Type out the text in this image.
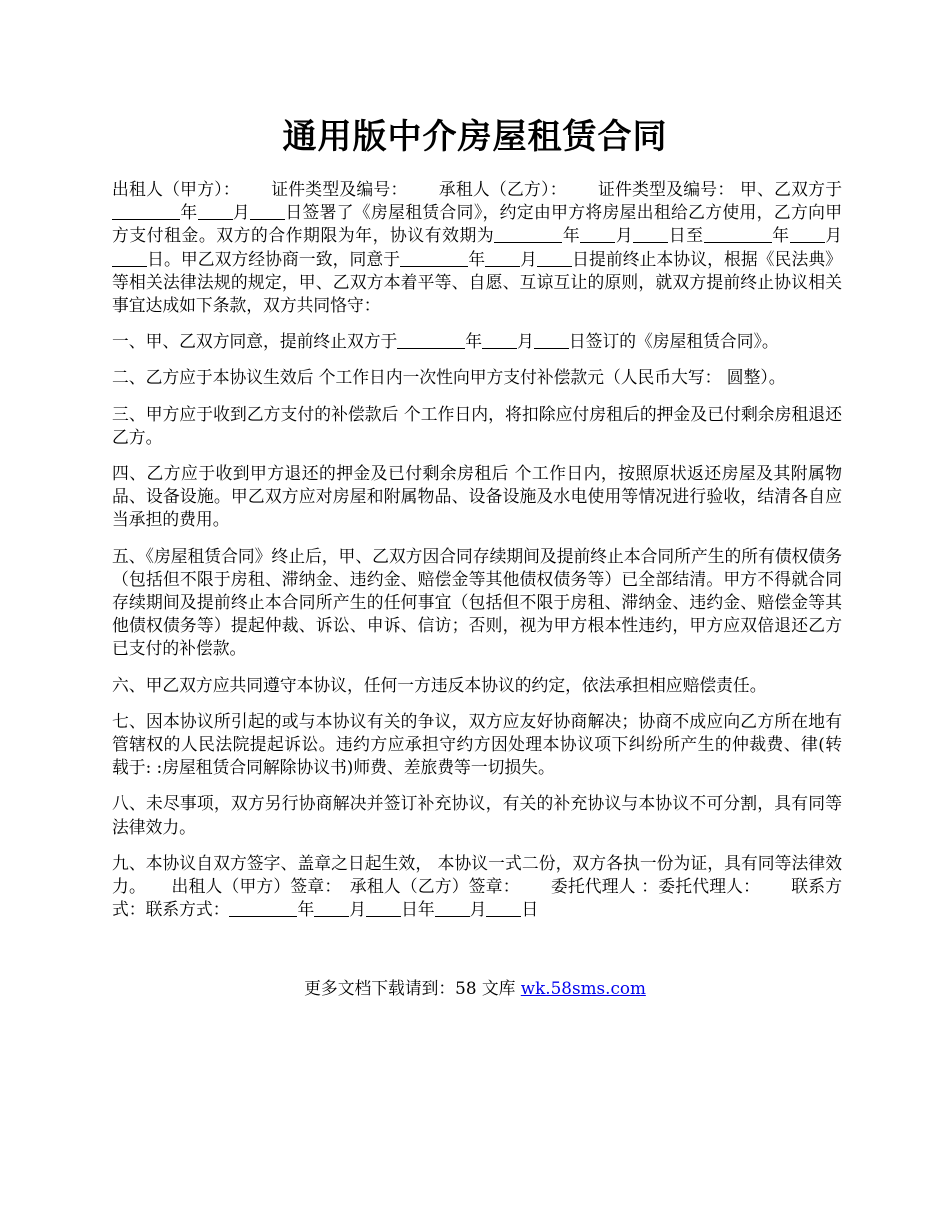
通用版中介房屋租赁合同

出租人（甲方）：　　 证件类型及编号：　　 承租人（乙方）：　　 证件类型及编号： 甲、乙双方于年 月 日签署了《房屋租赁合同》，约定由甲方将房屋出租给乙方使用，乙方向甲方支付租金。双方的合作期限为年，协议有效期为	年 月 日至	年 月日。甲乙双方经协商一致，同意于	年 月 日提前终止本协议，根据《民法典》等相关法律法规的规定，甲、乙双方本着平等、自愿、互谅互让的原则，就双方提前终止协议相关事宜达成如下条款，双方共同恪守：

一、甲、乙双方同意，提前终止双方于	年 月 日签订的《房屋租赁合同》。

二、乙方应于本协议生效后 个工作日内一次性向甲方支付补偿款元（人民币大写： 圆整）。

三、甲方应于收到乙方支付的补偿款后 个工作日内，将扣除应付房租后的押金及已付剩余房租退还乙方。

四、乙方应于收到甲方退还的押金及已付剩余房租后 个工作日内，按照原状返还房屋及其附属物品、设备设施。甲乙双方应对房屋和附属物品、设备设施及水电使用等情况进行验收，结清各自应当承担的费用。

五、《房屋租赁合同》终止后，甲、乙双方因合同存续期间及提前终止本合同所产生的所有债权债务（包括但不限于房租、滞纳金、违约金、赔偿金等其他债权债务等）已全部结清。甲方不得就合同存续期间及提前终止本合同所产生的任何事宜（包括但不限于房租、滞纳金、违约金、赔偿金等其他债权债务等）提起仲裁、诉讼、申诉、信访；否则，视为甲方根本性违约，甲方应双倍退还乙方已支付的补偿款。

六、甲乙双方应共同遵守本协议，任何一方违反本协议的约定，依法承担相应赔偿责任。

七、因本协议所引起的或与本协议有关的争议，双方应友好协商解决；协商不成应向乙方所在地有管辖权的人民法院提起诉讼。违约方应承担守约方因处理本协议项下纠纷所产生的仲裁费、律(转 载于: :房屋租赁合同解除协议书)师费、差旅费等一切损失。

八、未尽事项，双方另行协商解决并签订补充协议，有关的补充协议与本协议不可分割，具有同等法律效力。

九、本协议自双方签字、盖章之日起生效， 本协议一式二份，双方各执一份为证，具有同等法律效力。　　出租人（甲方）签章：　承租人（乙方）签章：　　 委托代理人 ：委托代理人：　　 联系方式：联系方式：	年 月 日年 月 日

更多文档下载请到：58 文库 wk.58sms.com
